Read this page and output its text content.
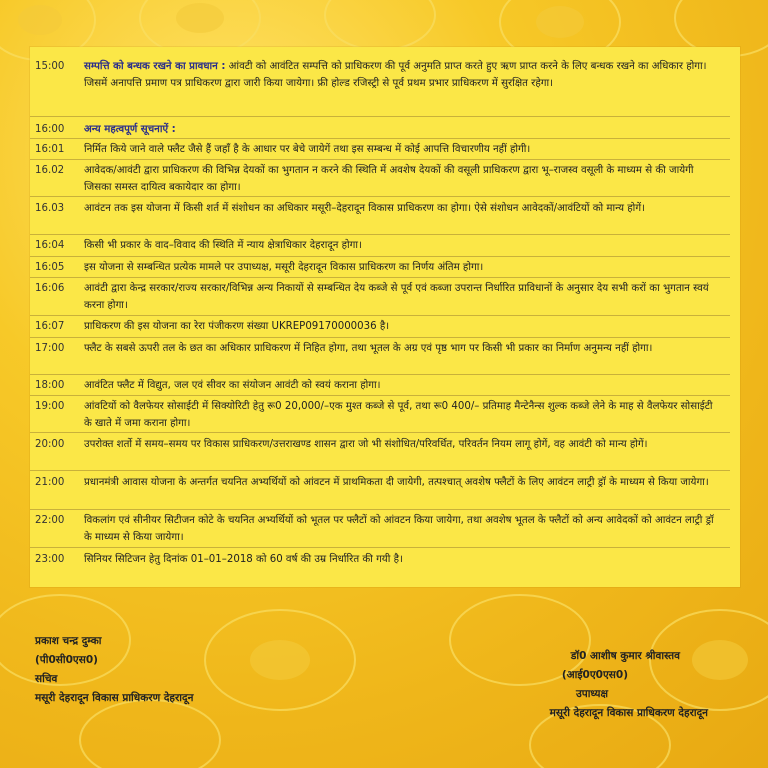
15:00	सम्पत्ति को बन्धक रखने का प्रावधान : आंवटी को आवंटित सम्पत्ति को प्राधिकरण की पूर्व अनुमति प्राप्त करते हुए ऋण प्राप्त करने के लिए बन्धक रखने का अधिकार होगा। जिसमें अनापत्ति प्रमाण पत्र प्राधिकरण द्वारा जारी किया जायेगा। फ्री होल्ड रजिस्ट्री से पूर्व प्रथम प्रभार प्राधिकरण में सुरक्षित रहेगा।
16:00	अन्य महत्वपूर्ण सूचनाऐं :
16:01	निर्मित किये जाने वाले फ्लैट जैसे हैं जहाँ है के आधार पर बेचे जायेगें तथा इस सम्बन्ध में कोई आपत्ति विचारणीय नहीं होगी।
16.02	आवेदक/आवंटी द्वारा प्राधिकरण की विभिन्न देयकों का भुगतान न करने की स्थिति में अवशेष देयकों की वसूली प्राधिकरण द्वारा भू–राजस्व वसूली के माध्यम से की जायेगी जिसका समस्त दायित्व बकायेदार का होगा।
16.03	आवंटन तक इस योजना में किसी शर्त में संशोधन का अधिकार मसूरी–देहरादून विकास प्राधिकरण का होगा। ऐसे संशोधन आवेदकों/आवंटियों को मान्य होगें।
16:04	किसी भी प्रकार के वाद–विवाद की स्थिति में न्याय क्षेत्राधिकार देहरादून होगा।
16:05	इस योजना से सम्बन्धित प्रत्येक मामले पर उपाध्यक्ष, मसूरी देहरादून विकास प्राधिकरण का निर्णय अंतिम होगा।
16:06	आवंटी द्वारा केन्द्र सरकार/राज्य सरकार/विभिन्न अन्य निकायों से सम्बन्धित देय कब्जे से पूर्व एवं कब्जा उपरान्त निर्धारित प्राविधानों के अनुसार देय सभी करों का भुगतान स्वयं करना होगा।
16:07	प्राधिकरण की इस योजना का रेरा पंजीकरण संख्या UKREP09170000036 है।
17:00	फ्लैट के सबसे ऊपरी तल के छत का अधिकार प्राधिकरण में निहित होगा, तथा भूतल के अग्र एवं पृष्ठ भाग पर किसी भी प्रकार का निर्माण अनुमन्य नहीं होगा।
18:00	आवंटित फ्लैट में विद्युत, जल एवं सीवर का संयोजन आवंटी को स्वयं कराना होगा।
19:00	आंवटियों को वैलफेयर सोसाईटी में सिक्योरिटी हेतु रू0 20,000/–एक मुश्त कब्जे से पूर्व, तथा रू0 400/– प्रतिमाह मैन्टेनैन्स शुल्क कब्जे लेने के माह से वैलफेयर सोसाईटी के खाते में जमा कराना होगा।
20:00	उपरोक्त शर्तो में समय–समय पर विकास प्राधिकरण/उत्तराखण्ड शासन द्वारा जो भी संशोधित/परिवर्धित, परिवर्तन नियम लागू होगें, वह आवंटी को मान्य होगें।
21:00	प्रधानमंत्री आवास योजना के अन्तर्गत चयनित अभ्यर्थियों को आंवटन में प्राथमिकता दी जायेगी, तत्पश्चात् अवशेष फ्लैटों के लिए आवंटन लाट्री ड्रॉ के माध्यम से किया जायेगा।
22:00	विकलांग एवं सीनीयर सिटीजन कोटे के चयनित अभ्यर्थियों को भूतल पर फ्लैटों को आंवटन किया जायेगा, तथा अवशेष भूतल के फ्लैटों को अन्य आवेदकों को आवंटन लाट्री ड्रॉ के माध्यम से किया जायेगा।
23:00	सिनियर सिटिजन हेतु दिनांक 01–01–2018 को 60 वर्ष की उम्र निर्धारित की गयी है।
प्रकाश चन्द्र दुम्का
(पी0सी0एस0)
सचिव
मसूरी देहरादून विकास प्राधिकरण देहरादून
डॉ0 आशीष कुमार श्रीवास्तव
(आई0ए0एस0)
उपाध्यक्ष
मसूरी देहरादून विकास प्राधिकरण देहरादून
